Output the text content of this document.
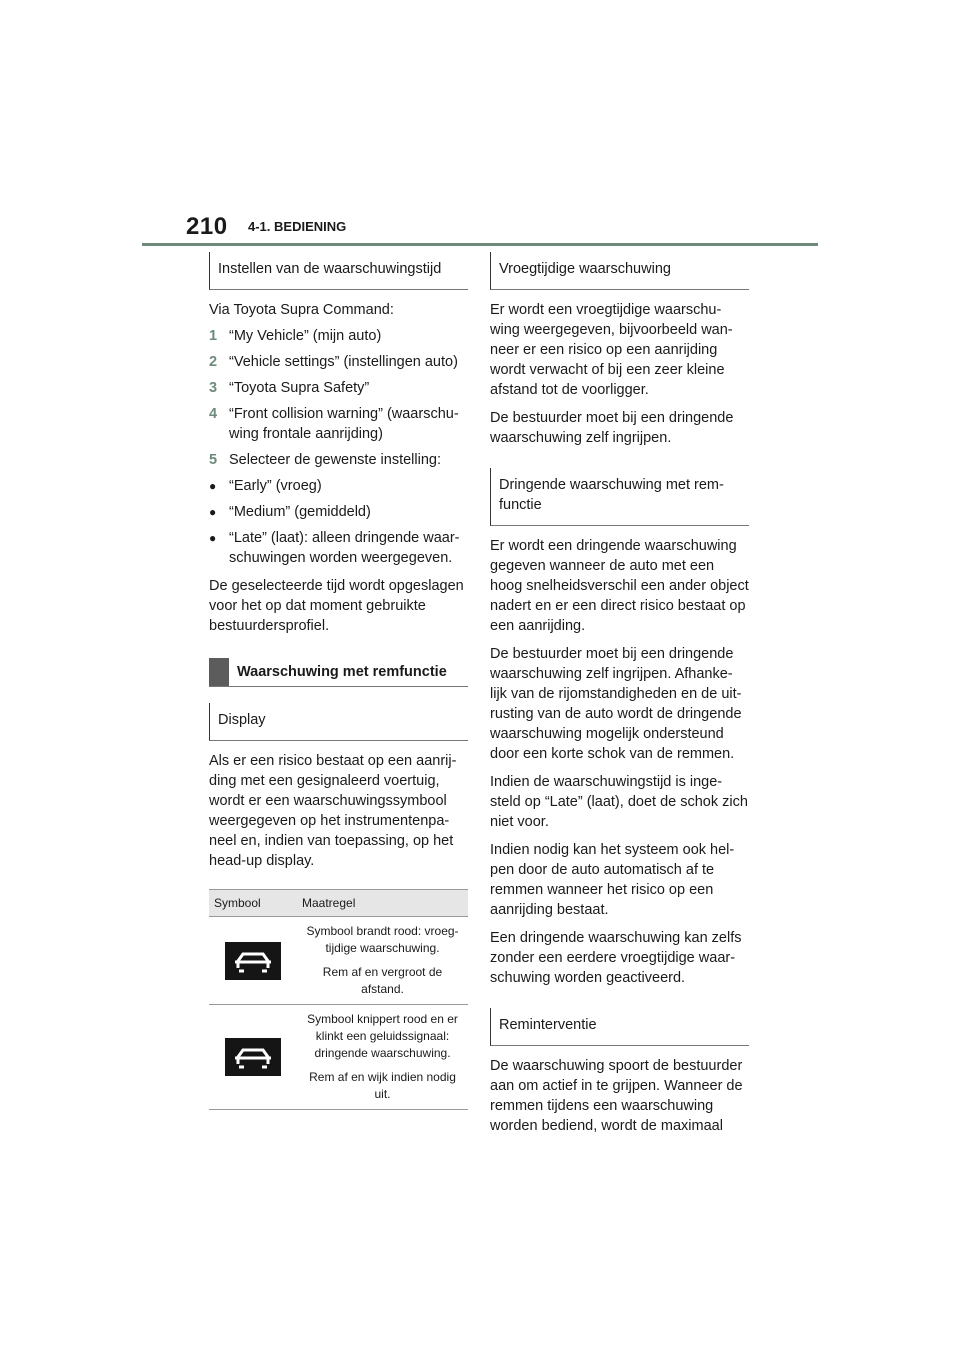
210 4-1. BEDIENING
Instellen van de waarschuwingstijd

Via Toyota Supra Command:

1 “My Vehicle” (mijn auto)
2 “Vehicle settings” (instellingen auto)
3 “Toyota Supra Safety”
4 “Front collision warning” (waarschu-wing frontale aanrijding)
5 Selecteer de gewenste instelling:
● “Early” (vroeg)
● “Medium” (gemiddeld)
● “Late” (laat): alleen dringende waar-schuwingen worden weergegeven.

De geselecteerde tijd wordt opgeslagen voor het op dat moment gebruikte bestuurdersprofiel.

Waarschuwing met remfunctie
Display

Als er een risico bestaat op een aanrij-ding met een gesignaleerd voertuig, wordt er een waarschuwingssymbool weergegeven op het instrumentenpa-neel en, indien van toepassing, op het head-up display.

Symbool	Maatregel

Symbool brandt rood: vroeg-tijdige waarschuwing.
Rem af en vergroot de afstand.

Symbool knippert rood en er klinkt een geluidssignaal: dringende waarschuwing.
Rem af en wijk indien nodig uit.
Vroegtijdige waarschuwing

Er wordt een vroegtijdige waarschu-wing weergegeven, bijvoorbeeld wan-neer er een risico op een aanrijding wordt verwacht of bij een zeer kleine afstand tot de voorligger.

De bestuurder moet bij een dringende waarschuwing zelf ingrijpen.

Dringende waarschuwing met rem-functie

Er wordt een dringende waarschuwing gegeven wanneer de auto met een hoog snelheidsverschil een ander object nadert en er een direct risico bestaat op een aanrijding.

De bestuurder moet bij een dringende waarschuwing zelf ingrijpen. Afhanke-lijk van de rijomstandigheden en de uit-rusting van de auto wordt de dringende waarschuwing mogelijk ondersteund door een korte schok van de remmen.

Indien de waarschuwingstijd is inge-steld op “Late” (laat), doet de schok zich niet voor.

Indien nodig kan het systeem ook hel-pen door de auto automatisch af te remmen wanneer het risico op een aanrijding bestaat.

Een dringende waarschuwing kan zelfs zonder een eerdere vroegtijdige waar-schuwing worden geactiveerd.

Reminterventie

De waarschuwing spoort de bestuurder aan om actief in te grijpen. Wanneer de remmen tijdens een waarschuwing worden bediend, wordt de maximaal
